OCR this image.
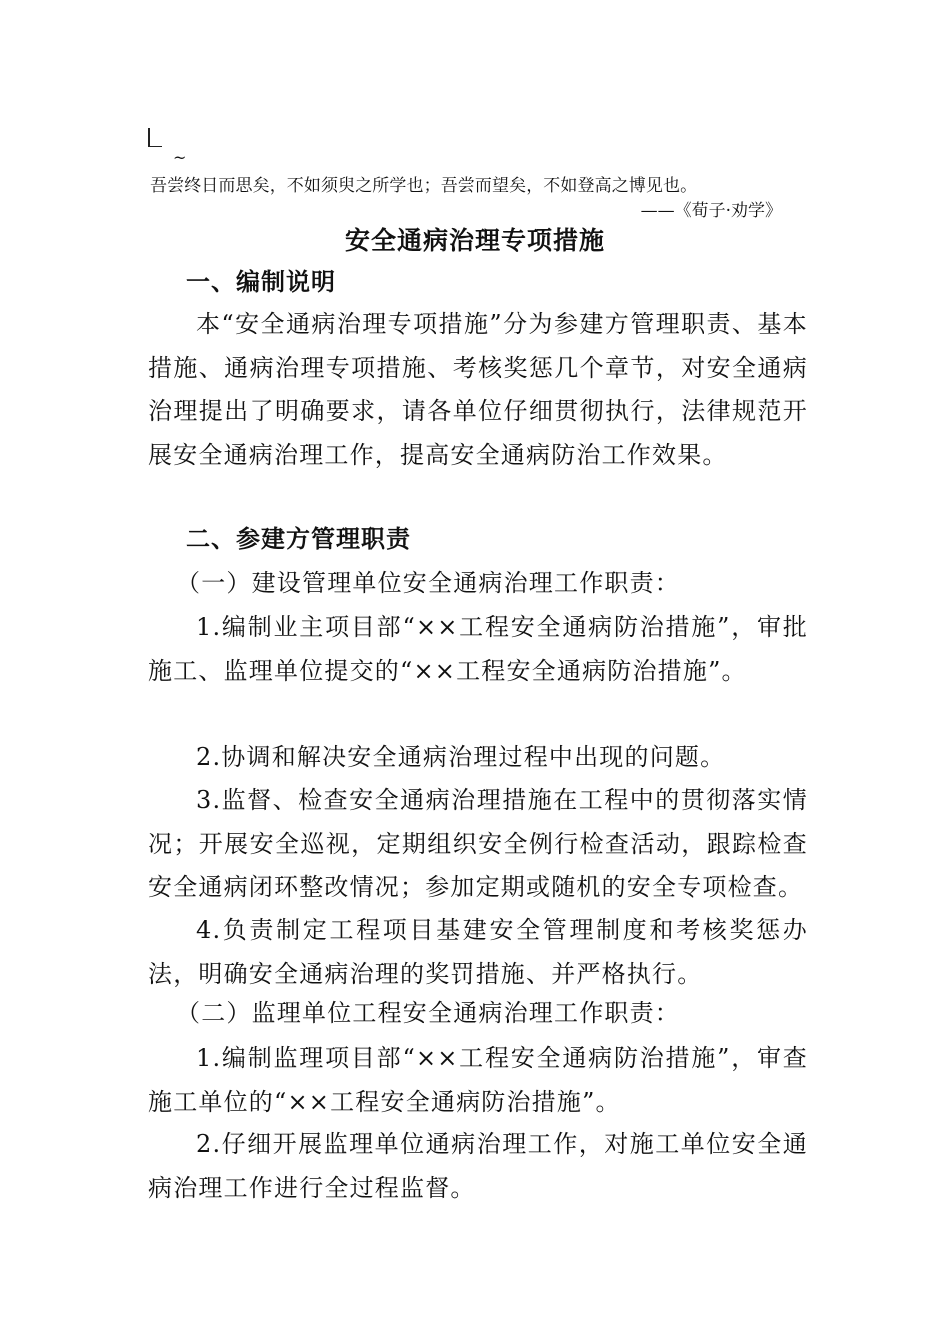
~
吾尝终日而思矣，不如须臾之所学也；吾尝而望矣，不如登高之博见也。
——《荀子·劝学》
安全通病治理专项措施
一、编制说明

本“安全通病治理专项措施”分为参建方管理职责、基本措施、通病治理专项措施、考核奖惩几个章节，对安全通病治理提出了明确要求，请各单位仔细贯彻执行，法律规范开展安全通病治理工作，提高安全通病防治工作效果。

二、参建方管理职责
（一）建设管理单位安全通病治理工作职责：

1.编制业主项目部“××工程安全通病防治措施”，审批施工、监理单位提交的“××工程安全通病防治措施”。

2.协调和解决安全通病治理过程中出现的问题。

3.监督、检查安全通病治理措施在工程中的贯彻落实情况；开展安全巡视，定期组织安全例行检查活动，跟踪检查安全通病闭环整改情况；参加定期或随机的安全专项检查。

4.负责制定工程项目基建安全管理制度和考核奖惩办法，明确安全通病治理的奖罚措施、并严格执行。

（二）监理单位工程安全通病治理工作职责：

1.编制监理项目部“××工程安全通病防治措施”，审查施工单位的“××工程安全通病防治措施”。

2.仔细开展监理单位通病治理工作，对施工单位安全通病治理工作进行全过程监督。
